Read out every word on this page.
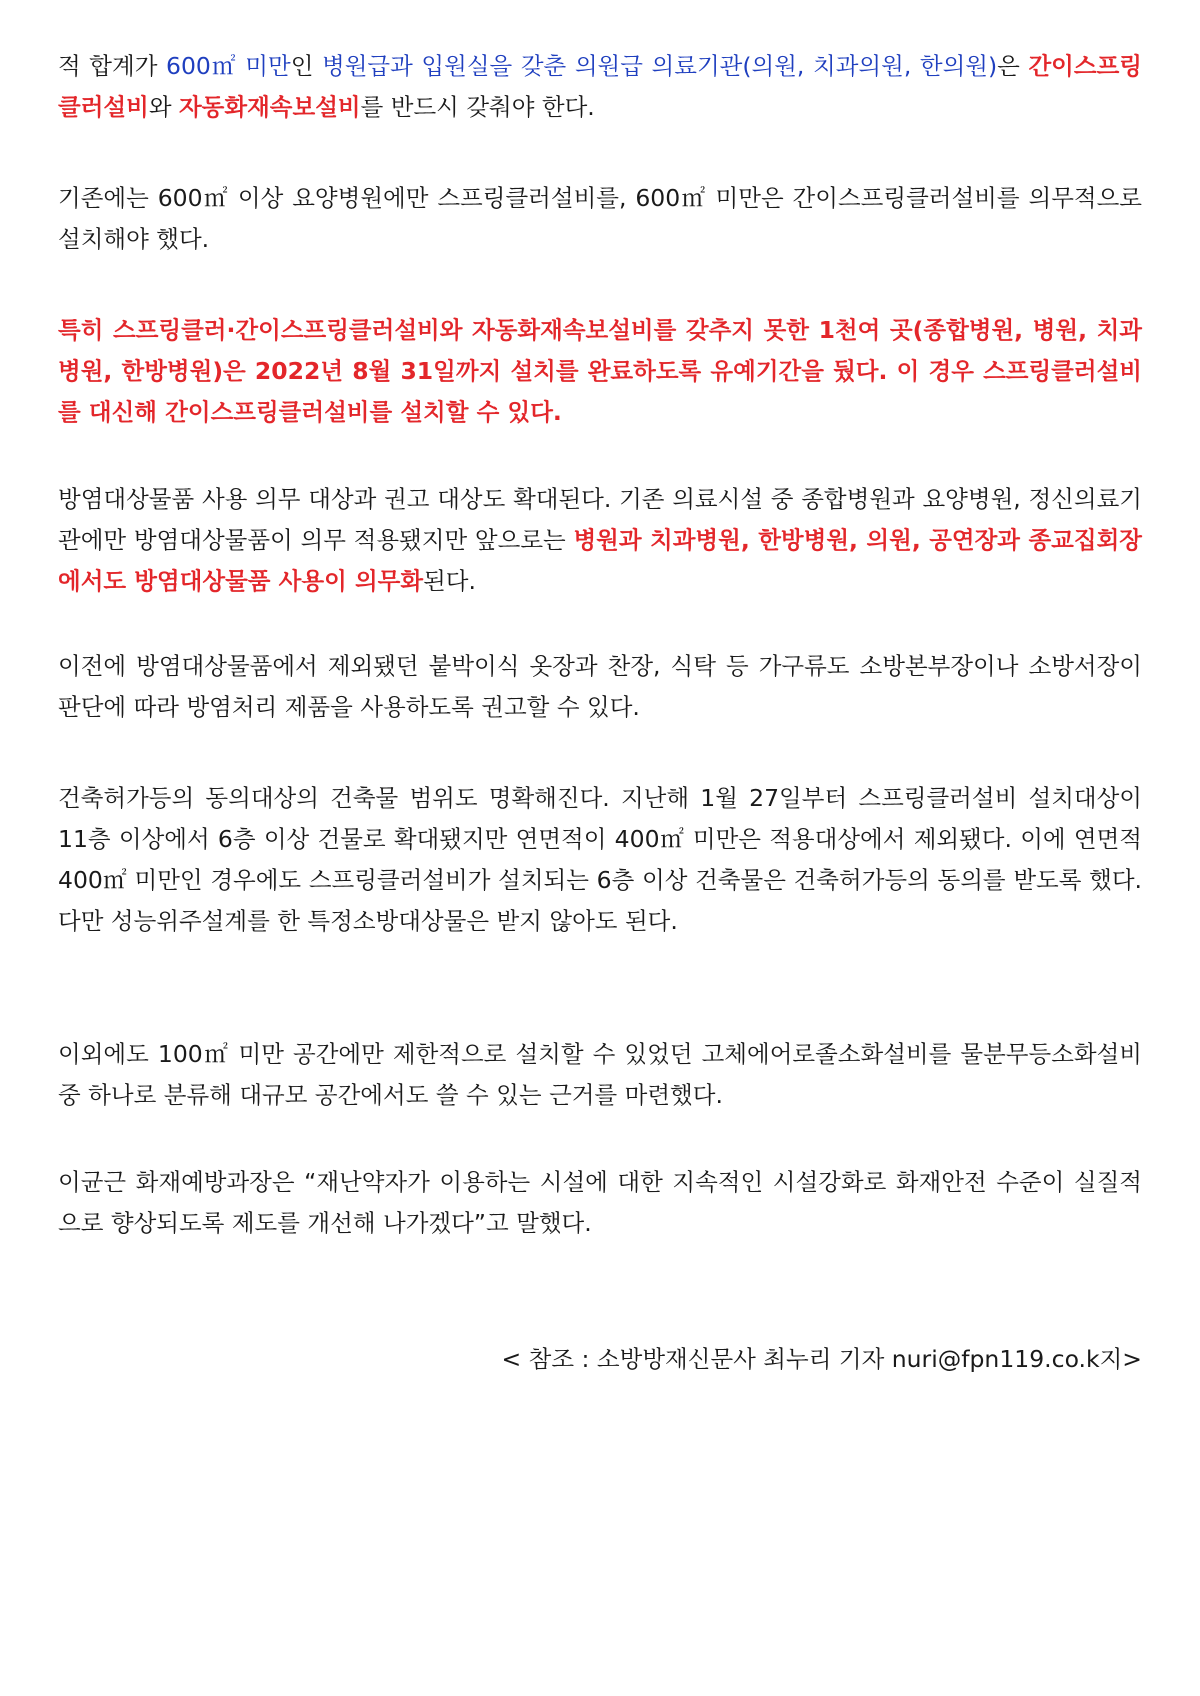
적 합계가 600㎡ 미만인 병원급과 입원실을 갖춘 의원급 의료기관(의원, 치과의원, 한의원)은 간이스프링클러설비와 자동화재속보설비를 반드시 갖춰야 한다.

기존에는 600㎡ 이상 요양병원에만 스프링클러설비를, 600㎡ 미만은 간이스프링클러설비를 의무적으로 설치해야 했다.

특히 스프링클러·간이스프링클러설비와 자동화재속보설비를 갖추지 못한 1천여 곳(종합병원, 병원, 치과병원, 한방병원)은 2022년 8월 31일까지 설치를 완료하도록 유예기간을 뒀다. 이 경우 스프링클러설비를 대신해 간이스프링클러설비를 설치할 수 있다.

방염대상물품 사용 의무 대상과 권고 대상도 확대된다. 기존 의료시설 중 종합병원과 요양병원, 정신의료기관에만 방염대상물품이 의무 적용됐지만 앞으로는 병원과 치과병원, 한방병원, 의원, 공연장과 종교집회장에서도 방염대상물품 사용이 의무화된다.

이전에 방염대상물품에서 제외됐던 붙박이식 옷장과 찬장, 식탁 등 가구류도 소방본부장이나 소방서장이 판단에 따라 방염처리 제품을 사용하도록 권고할 수 있다.

건축허가등의 동의대상의 건축물 범위도 명확해진다. 지난해 1월 27일부터 스프링클러설비 설치대상이 11층 이상에서 6층 이상 건물로 확대됐지만 연면적이 400㎡ 미만은 적용대상에서 제외됐다. 이에 연면적 400㎡ 미만인 경우에도 스프링클러설비가 설치되는 6층 이상 건축물은 건축허가등의 동의를 받도록 했다. 다만 성능위주설계를 한 특정소방대상물은 받지 않아도 된다.

이외에도 100㎡ 미만 공간에만 제한적으로 설치할 수 있었던 고체에어로졸소화설비를 물분무등소화설비 중 하나로 분류해 대규모 공간에서도 쓸 수 있는 근거를 마련했다.

이균근 화재예방과장은 “재난약자가 이용하는 시설에 대한 지속적인 시설강화로 화재안전 수준이 실질적으로 향상되도록 제도를 개선해 나가겠다”고 말했다.

< 참조 : 소방방재신문사 최누리 기자 nuri@fpn119.co.k지>
